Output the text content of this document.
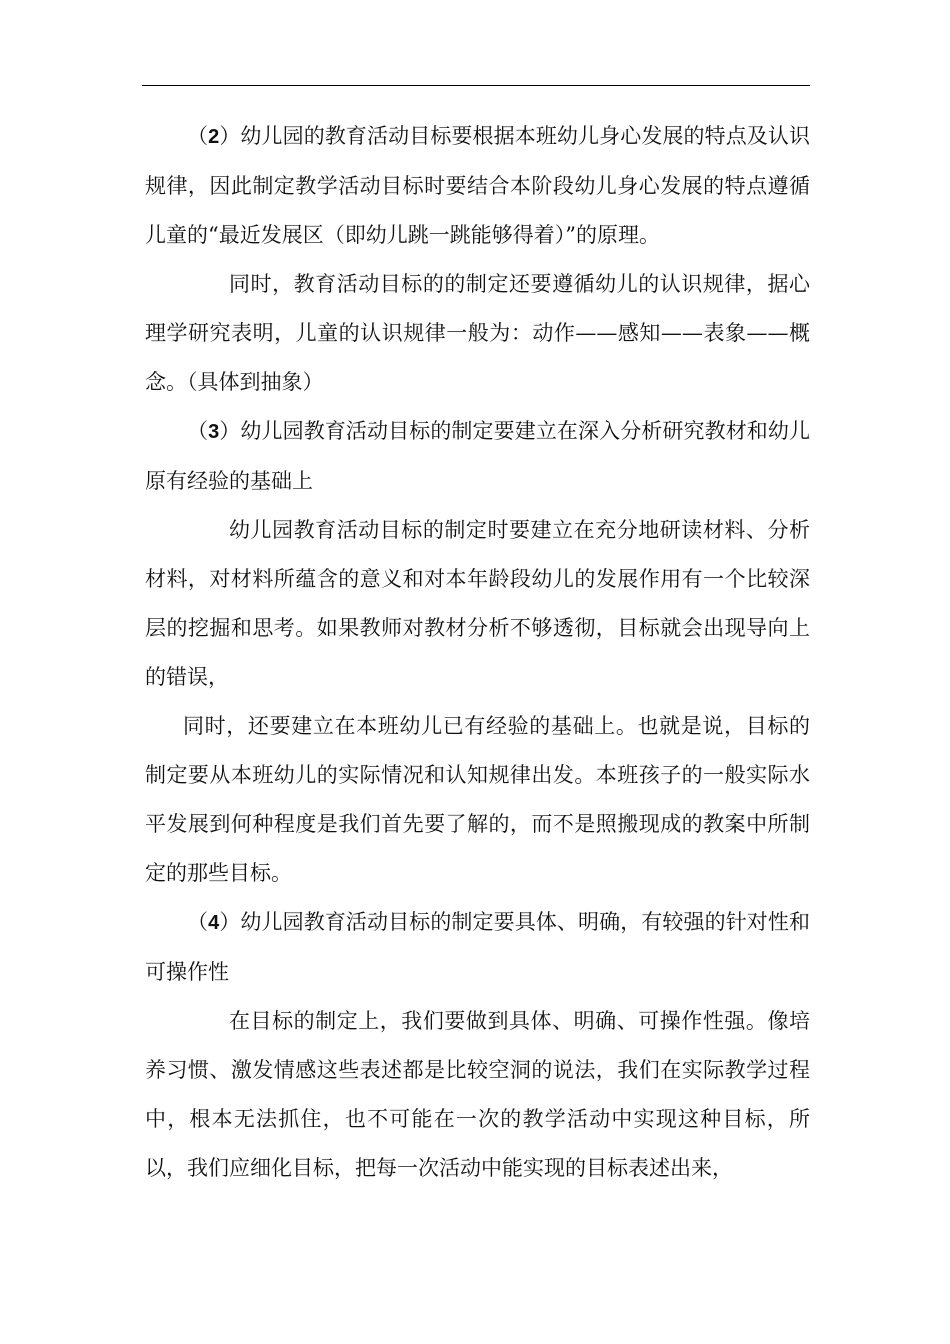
（2）幼儿园的教育活动目标要根据本班幼儿身心发展的特点及认识规律，因此制定教学活动目标时要结合本阶段幼儿身心发展的特点遵循儿童的“最近发展区（即幼儿跳一跳能够得着）”的原理。

同时，教育活动目标的的制定还要遵循幼儿的认识规律，据心理学研究表明，儿童的认识规律一般为：动作——感知——表象——概念。（具体到抽象）

（3）幼儿园教育活动目标的制定要建立在深入分析研究教材和幼儿原有经验的基础上

幼儿园教育活动目标的制定时要建立在充分地研读材料、分析材料，对材料所蕴含的意义和对本年龄段幼儿的发展作用有一个比较深层的挖掘和思考。如果教师对教材分析不够透彻，目标就会出现导向上的错误，

同时，还要建立在本班幼儿已有经验的基础上。也就是说，目标的制定要从本班幼儿的实际情况和认知规律出发。本班孩子的一般实际水平发展到何种程度是我们首先要了解的，而不是照搬现成的教案中所制定的那些目标。

（4）幼儿园教育活动目标的制定要具体、明确，有较强的针对性和可操作性

在目标的制定上，我们要做到具体、明确、可操作性强。像培养习惯、激发情感这些表述都是比较空洞的说法，我们在实际教学过程中，根本无法抓住，也不可能在一次的教学活动中实现这种目标，所以，我们应细化目标，把每一次活动中能实现的目标表述出来，
